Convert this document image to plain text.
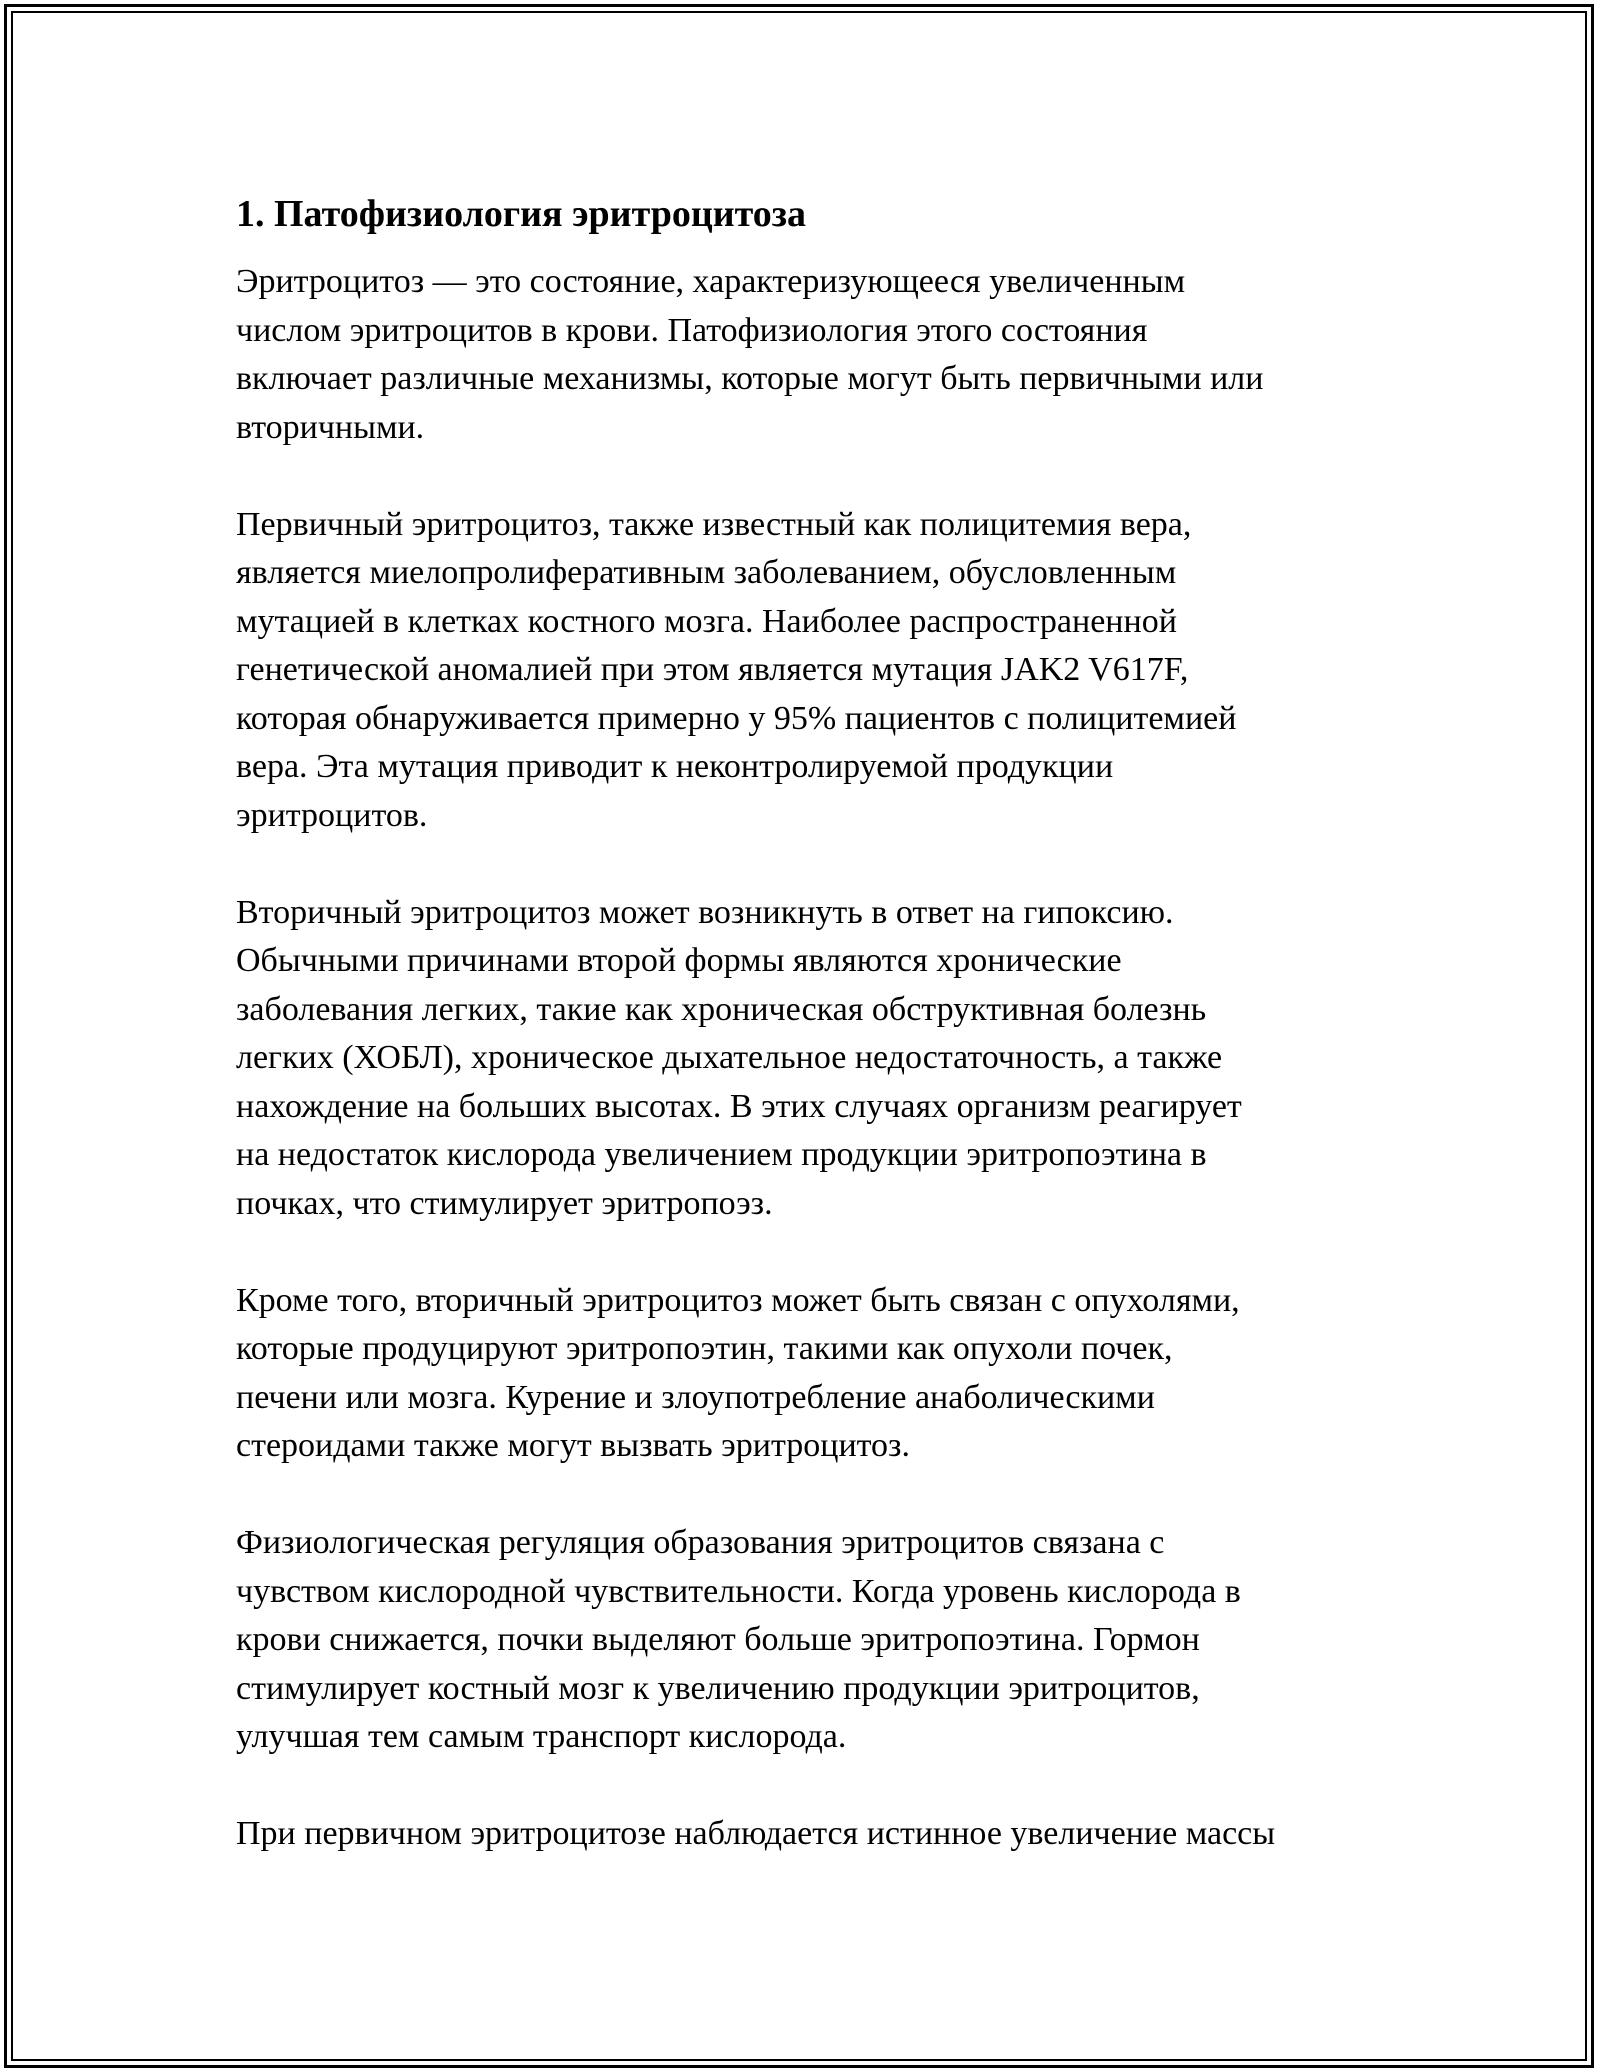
1. Патофизиология эритроцитоза

Эритроцитоз — это состояние, характеризующееся увеличенным
числом эритроцитов в крови. Патофизиология этого состояния
включает различные механизмы, которые могут быть первичными или
вторичными.

Первичный эритроцитоз, также известный как полицитемия вера,
является миелопролиферативным заболеванием, обусловленным
мутацией в клетках костного мозга. Наиболее распространенной
генетической аномалией при этом является мутация JAK2 V617F,
которая обнаруживается примерно у 95% пациентов с полицитемией
вера. Эта мутация приводит к неконтролируемой продукции
эритроцитов.

Вторичный эритроцитоз может возникнуть в ответ на гипоксию.
Обычными причинами второй формы являются хронические
заболевания легких, такие как хроническая обструктивная болезнь
легких (ХОБЛ), хроническое дыхательное недостаточность, а также
нахождение на больших высотах. В этих случаях организм реагирует
на недостаток кислорода увеличением продукции эритропоэтина в
почках, что стимулирует эритропоэз.

Кроме того, вторичный эритроцитоз может быть связан с опухолями,
которые продуцируют эритропоэтин, такими как опухоли почек,
печени или мозга. Курение и злоупотребление анаболическими
стероидами также могут вызвать эритроцитоз.

Физиологическая регуляция образования эритроцитов связана с
чувством кислородной чувствительности. Когда уровень кислорода в
крови снижается, почки выделяют больше эритропоэтина. Гормон
стимулирует костный мозг к увеличению продукции эритроцитов,
улучшая тем самым транспорт кислорода.

При первичном эритроцитозе наблюдается истинное увеличение массы
